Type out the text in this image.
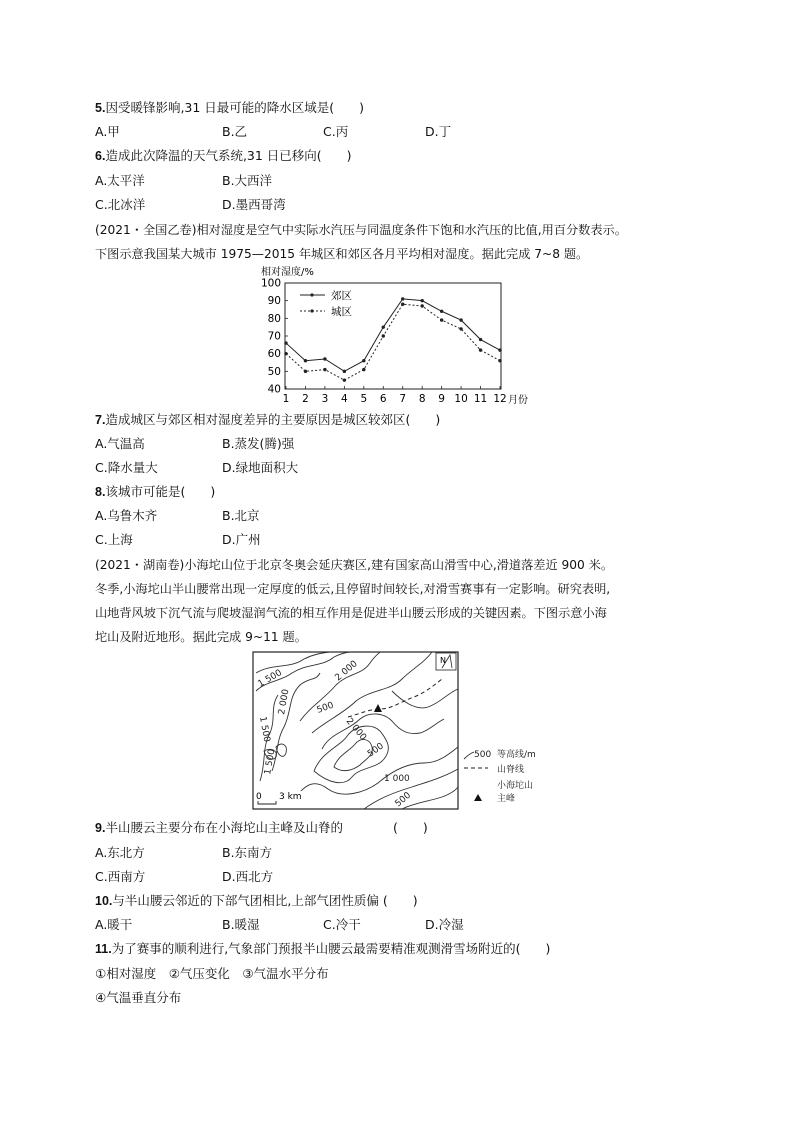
5.因受暖锋影响,31 日最可能的降水区域是(　　)
A.甲	B.乙	C.丙	D.丁
6.造成此次降温的天气系统,31 日已移向(　　)
A.太平洋	B.大西洋
C.北冰洋	D.墨西哥湾
(2021・全国乙卷)相对湿度是空气中实际水汽压与同温度条件下饱和水汽压的比值,用百分数表示。
下图示意我国某大城市 1975—2015 年城区和郊区各月平均相对湿度。据此完成 7~8 题。
相对湿度/%
40
50
60
70
80
90
100
1 2 3 4 5 6 7 8 9 10 11 12 月份
郊区
城区
7.造成城区与郊区相对湿度差异的主要原因是城区较郊区(　　)
A.气温高	B.蒸发(腾)强
C.降水量大	D.绿地面积大
8.该城市可能是(　　)
A.乌鲁木齐	B.北京
C.上海	D.广州
(2021・湖南卷)小海坨山位于北京冬奥会延庆赛区,建有国家高山滑雪中心,滑道落差近 900 米。
冬季,小海坨山半山腰常出现一定厚度的低云,且停留时间较长,对滑雪赛事有一定影响。研究表明,
山地背风坡下沉气流与爬坡湿润气流的相互作用是促进半山腰云形成的关键因素。下图示意小海
坨山及附近地形。据此完成 9~11 题。
1 500	2 000
500
1 500
2 000
500
2 000
1 500
1 000
500
N
0 3 km
500 等高线/m
山脊线
小海坨山
主峰
9.半山腰云主要分布在小海坨山主峰及山脊的　　　　(　　)
A.东北方	B.东南方
C.西南方	D.西北方
10.与半山腰云邻近的下部气团相比,上部气团性质偏 (　　)
A.暖干	B.暖湿	C.冷干	D.冷湿
11.为了赛事的顺利进行,气象部门预报半山腰云最需要精准观测滑雪场附近的(　　)
①相对湿度　②气压变化　③气温水平分布
④气温垂直分布
